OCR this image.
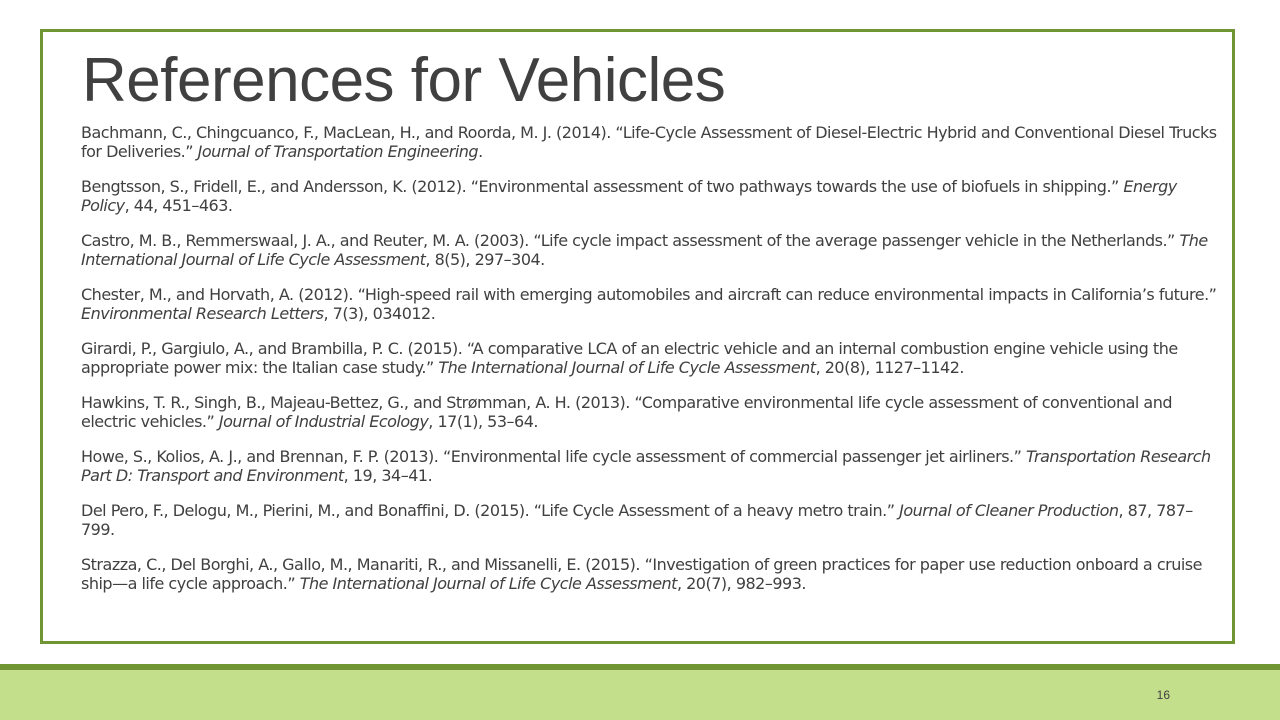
References for Vehicles
Bachmann, C., Chingcuanco, F., MacLean, H., and Roorda, M. J. (2014). “Life-Cycle Assessment of Diesel-Electric Hybrid and Conventional Diesel Trucks for Deliveries.” Journal of Transportation Engineering.
Bengtsson, S., Fridell, E., and Andersson, K. (2012). “Environmental assessment of two pathways towards the use of biofuels in shipping.” Energy Policy, 44, 451–463.
Castro, M. B., Remmerswaal, J. A., and Reuter, M. A. (2003). “Life cycle impact assessment of the average passenger vehicle in the Netherlands.” The International Journal of Life Cycle Assessment, 8(5), 297–304.
Chester, M., and Horvath, A. (2012). “High-speed rail with emerging automobiles and aircraft can reduce environmental impacts in California’s future.” Environmental Research Letters, 7(3), 034012.
Girardi, P., Gargiulo, A., and Brambilla, P. C. (2015). “A comparative LCA of an electric vehicle and an internal combustion engine vehicle using the appropriate power mix: the Italian case study.” The International Journal of Life Cycle Assessment, 20(8), 1127–1142.
Hawkins, T. R., Singh, B., Majeau-Bettez, G., and Strømman, A. H. (2013). “Comparative environmental life cycle assessment of conventional and electric vehicles.” Journal of Industrial Ecology, 17(1), 53–64.
Howe, S., Kolios, A. J., and Brennan, F. P. (2013). “Environmental life cycle assessment of commercial passenger jet airliners.” Transportation Research Part D: Transport and Environment, 19, 34–41.
Del Pero, F., Delogu, M., Pierini, M., and Bonaffini, D. (2015). “Life Cycle Assessment of a heavy metro train.” Journal of Cleaner Production, 87, 787–799.
Strazza, C., Del Borghi, A., Gallo, M., Manariti, R., and Missanelli, E. (2015). “Investigation of green practices for paper use reduction onboard a cruise ship—a life cycle approach.” The International Journal of Life Cycle Assessment, 20(7), 982–993.
16
